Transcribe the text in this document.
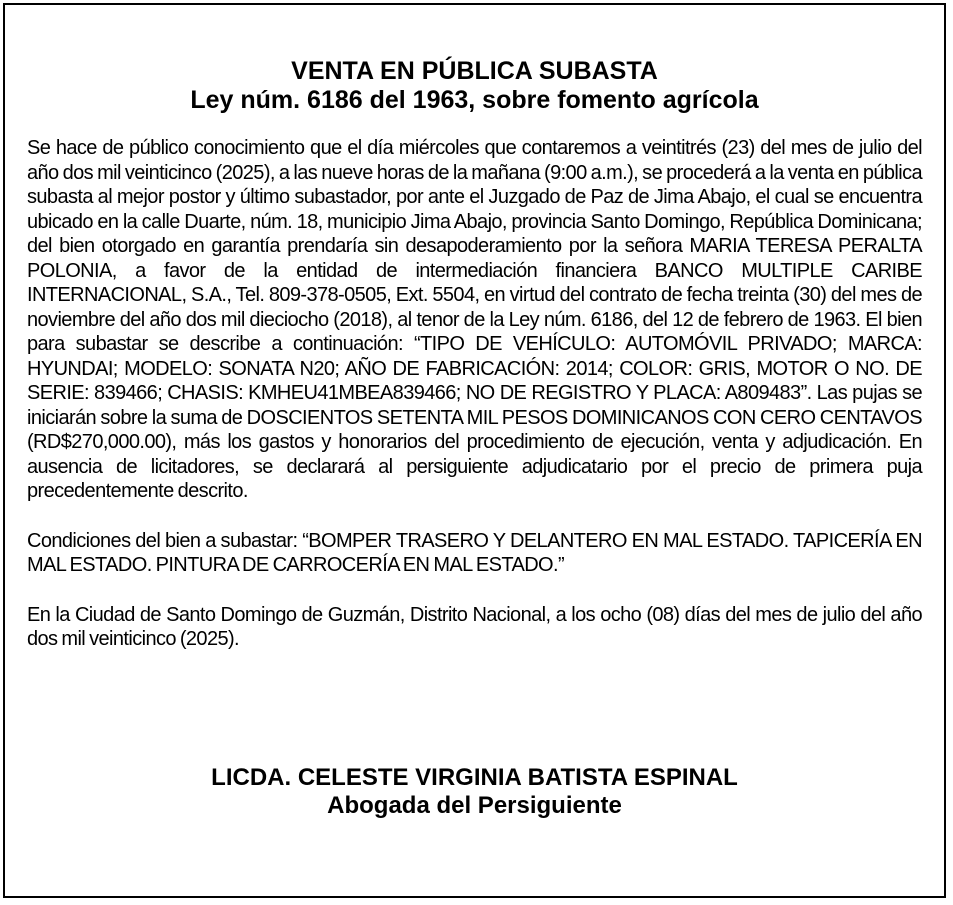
VENTA EN PÚBLICA SUBASTA
Ley núm. 6186 del 1963, sobre fomento agrícola

Se hace de público conocimiento que el día miércoles que contaremos a veintitrés (23) del mes de julio del año dos mil veinticinco (2025), a las nueve horas de la mañana (9:00 a.m.), se procederá a la venta en pública subasta al mejor postor y último subastador, por ante el Juzgado de Paz de Jima Abajo, el cual se encuentra ubicado en la calle Duarte, núm. 18, municipio Jima Abajo, provincia Santo Domingo, República Dominicana; del bien otorgado en garantía prendaría sin desapoderamiento por la señora MARIA TERESA PERALTA POLONIA, a favor de la entidad de intermediación financiera BANCO MULTIPLE CARIBE INTERNACIONAL, S.A., Tel. 809-378-0505, Ext. 5504, en virtud del contrato de fecha treinta (30) del mes de noviembre del año dos mil dieciocho (2018), al tenor de la Ley núm. 6186, del 12 de febrero de 1963. El bien para subastar se describe a continuación: “TIPO DE VEHÍCULO: AUTOMÓVIL PRIVADO; MARCA: HYUNDAI; MODELO: SONATA N20; AÑO DE FABRICACIÓN: 2014; COLOR: GRIS, MOTOR O NO. DE SERIE: 839466; CHASIS: KMHEU41MBEA839466; NO DE REGISTRO Y PLACA: A809483”. Las pujas se iniciarán sobre la suma de DOSCIENTOS SETENTA MIL PESOS DOMINICANOS CON CERO CENTAVOS (RD$270,000.00), más los gastos y honorarios del procedimiento de ejecución, venta y adjudicación. En ausencia de licitadores, se declarará al persiguiente adjudicatario por el precio de primera puja precedentemente descrito.

Condiciones del bien a subastar: “BOMPER TRASERO Y DELANTERO EN MAL ESTADO. TAPICERÍA EN MAL ESTADO. PINTURA DE CARROCERÍA EN MAL ESTADO.”

En la Ciudad de Santo Domingo de Guzmán, Distrito Nacional, a los ocho (08) días del mes de julio del año dos mil veinticinco (2025).

LICDA. CELESTE VIRGINIA BATISTA ESPINAL
Abogada del Persiguiente
